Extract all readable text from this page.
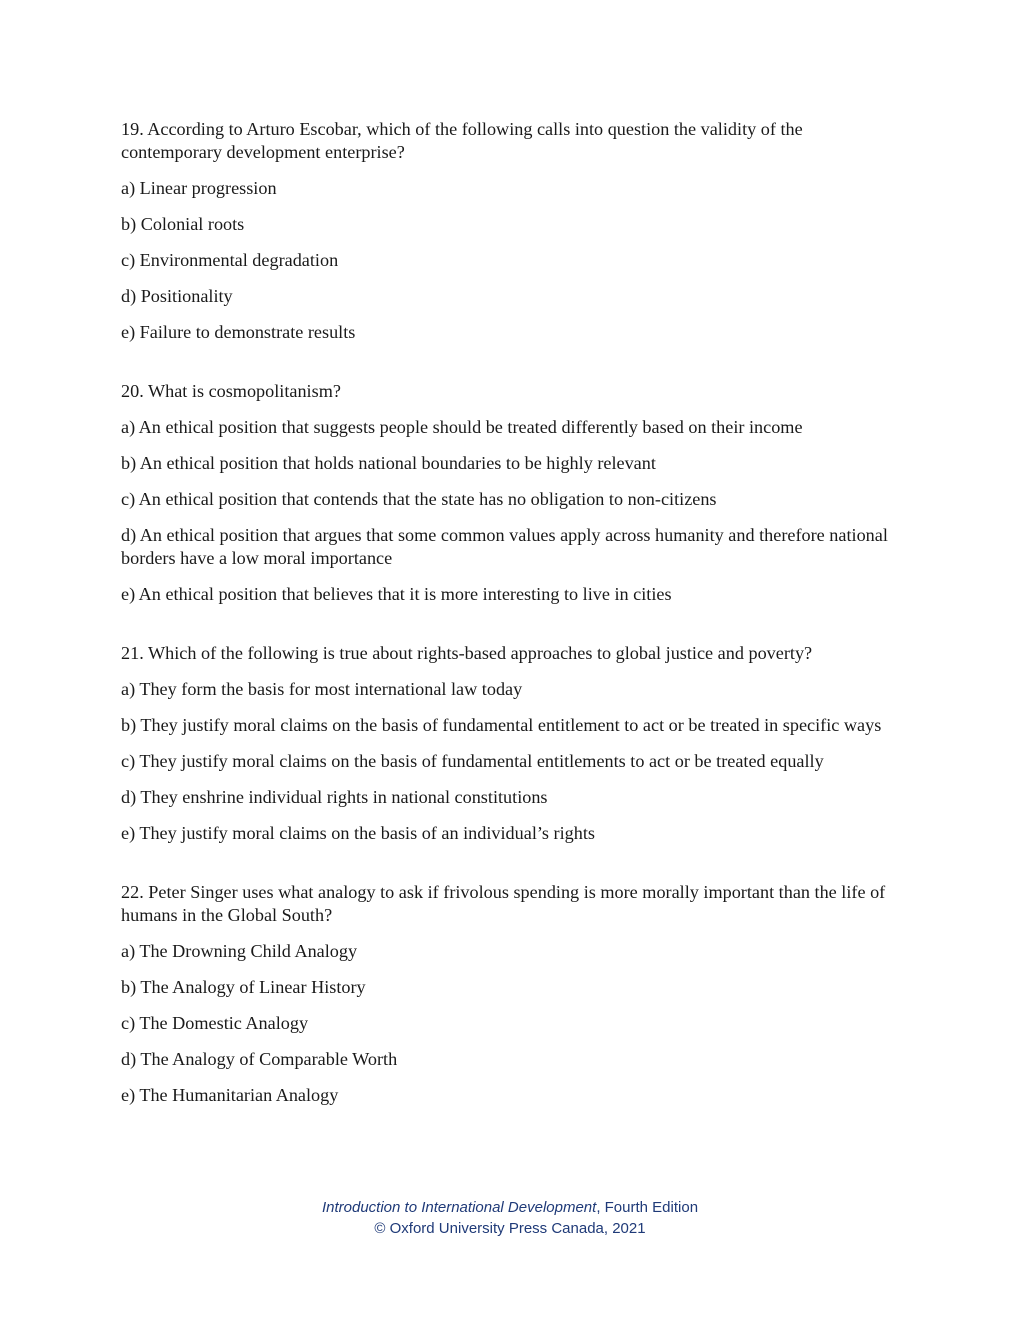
19. According to Arturo Escobar, which of the following calls into question the validity of the contemporary development enterprise?

a) Linear progression

b) Colonial roots

c) Environmental degradation

d) Positionality

e) Failure to demonstrate results

20. What is cosmopolitanism?

a) An ethical position that suggests people should be treated differently based on their income

b) An ethical position that holds national boundaries to be highly relevant

c) An ethical position that contends that the state has no obligation to non-citizens

d) An ethical position that argues that some common values apply across humanity and therefore national borders have a low moral importance

e) An ethical position that believes that it is more interesting to live in cities

21. Which of the following is true about rights-based approaches to global justice and poverty?

a) They form the basis for most international law today

b) They justify moral claims on the basis of fundamental entitlement to act or be treated in specific ways

c) They justify moral claims on the basis of fundamental entitlements to act or be treated equally

d) They enshrine individual rights in national constitutions

e) They justify moral claims on the basis of an individual’s rights

22. Peter Singer uses what analogy to ask if frivolous spending is more morally important than the life of humans in the Global South?

a) The Drowning Child Analogy

b) The Analogy of Linear History

c) The Domestic Analogy

d) The Analogy of Comparable Worth

e) The Humanitarian Analogy

Introduction to International Development, Fourth Edition
© Oxford University Press Canada, 2021
